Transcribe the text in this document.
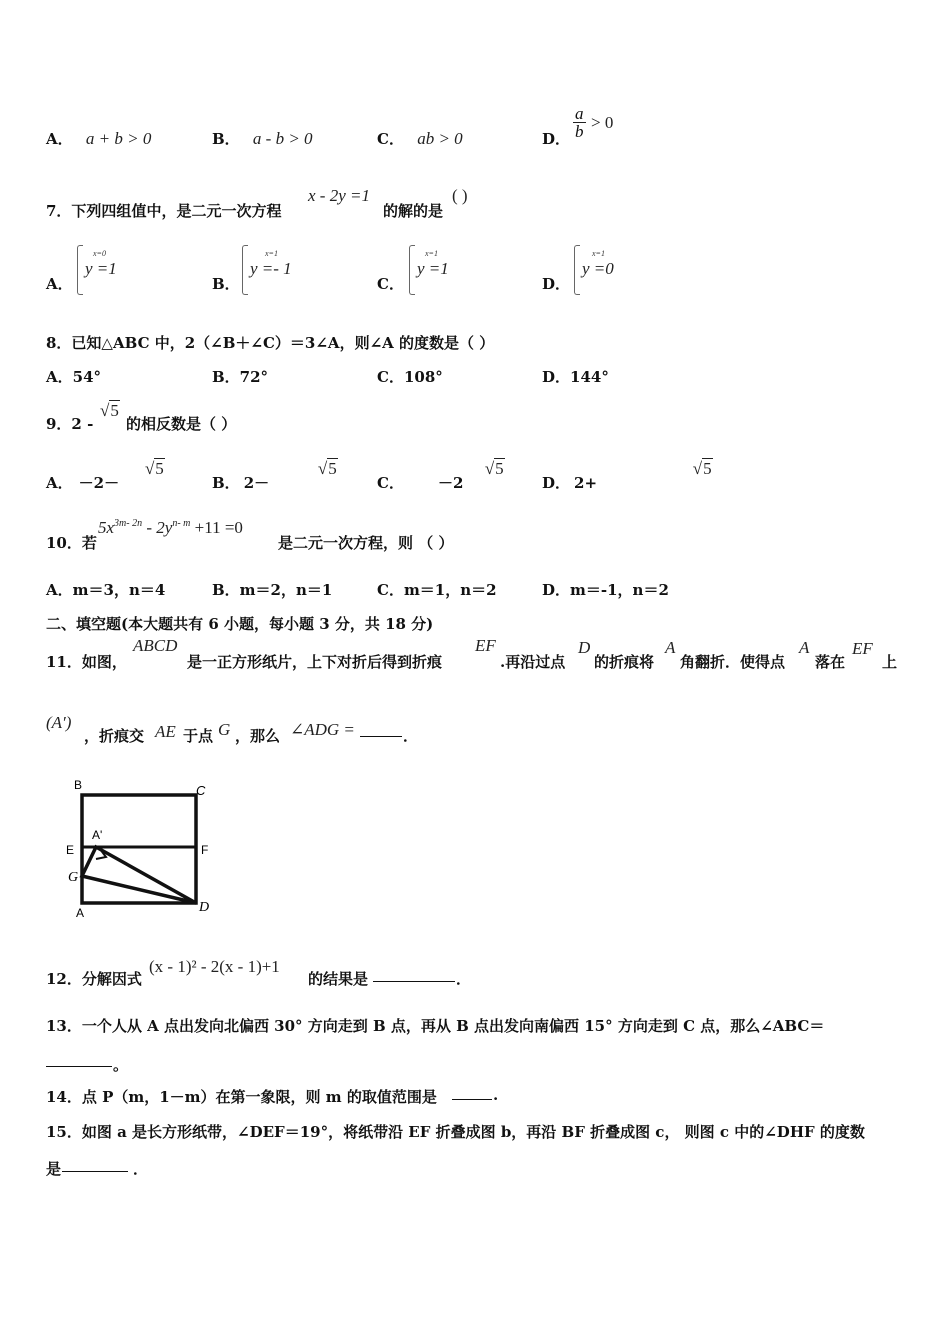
A． a + b > 0	B． a - b > 0	C． ab > 0	D． $\frac{a}{b} > 0$
7．下列四组值中，是二元一次方程
x - 2y =1
的解的是
( )
A．
x=0
y =1
B．
x=1
y =- 1
C．
x=1
y =1
D．
x=1
y =0
8．已知△ABC 中，2（∠B＋∠C）＝3∠A，则∠A 的度数是（ ）
A．54°	B．72°	C．108°	D．144°
9．2 -
√5
的相反数是（ ）
A． －2－
√5
B． 2－
√5
C．
√5
－2	D． 2+
√5
10．若
$5x^{3m- 2n} - 2y^{n- m} +11 =0$
是二元一次方程，则 （ ）
A．m＝3，n＝4	B．m＝2，n＝1	C．m＝1，n＝2	D．m＝-1，n＝2
二、填空题(本大题共有 6 小题，每小题 3 分，共 18 分)
11．如图，
ABCD
是一正方形纸片，上下对折后得到折痕
EF
.再沿过点
D
的折痕将
A
角翻折．使得点
A
落在
EF
上
(A′)
，折痕交 AE 于点 G ，那么 ∠ADG =	．
B	C
E	F
A'
G
A	D
12．分解因式
(x - 1)² - 2(x - 1)+1
的结果是	．
13．一个人从 A 点出发向北偏西 30° 方向走到 B 点，再从 B 点出发向南偏西 15° 方向走到 C 点，那么∠ABC＝
。
14．点 P（m，1－m）在第一象限，则 m 的取值范围是	.
15．如图 a 是长方形纸带，∠DEF＝19°，将纸带沿 EF 折叠成图 b，再沿 BF 折叠成图 c， 则图 c 中的∠DHF 的度数
是	．
